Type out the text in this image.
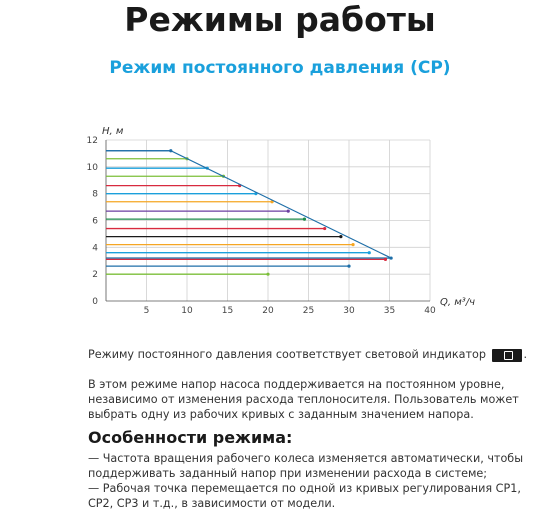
Режимы работы
Режим постоянного давления (СР)
5	10	15	20	25	30	35	40
0
2
4
6
8
10
12
H, м
Q, м³/ч
Режиму постоянного давления соответствует световой индикатор	.
В этом режиме напор насоса поддерживается на постоянном уровне,
независимо от изменения расхода теплоносителя. Пользователь может
выбрать одну из рабочих кривых с заданным значением напора.
Особенности режима:
— Частота вращения рабочего колеса изменяется автоматически, чтобы
поддерживать заданный напор при изменении расхода в системе;
— Рабочая точка перемещается по одной из кривых регулирования СР1,
СР2, СР3 и т.д., в зависимости от модели.
